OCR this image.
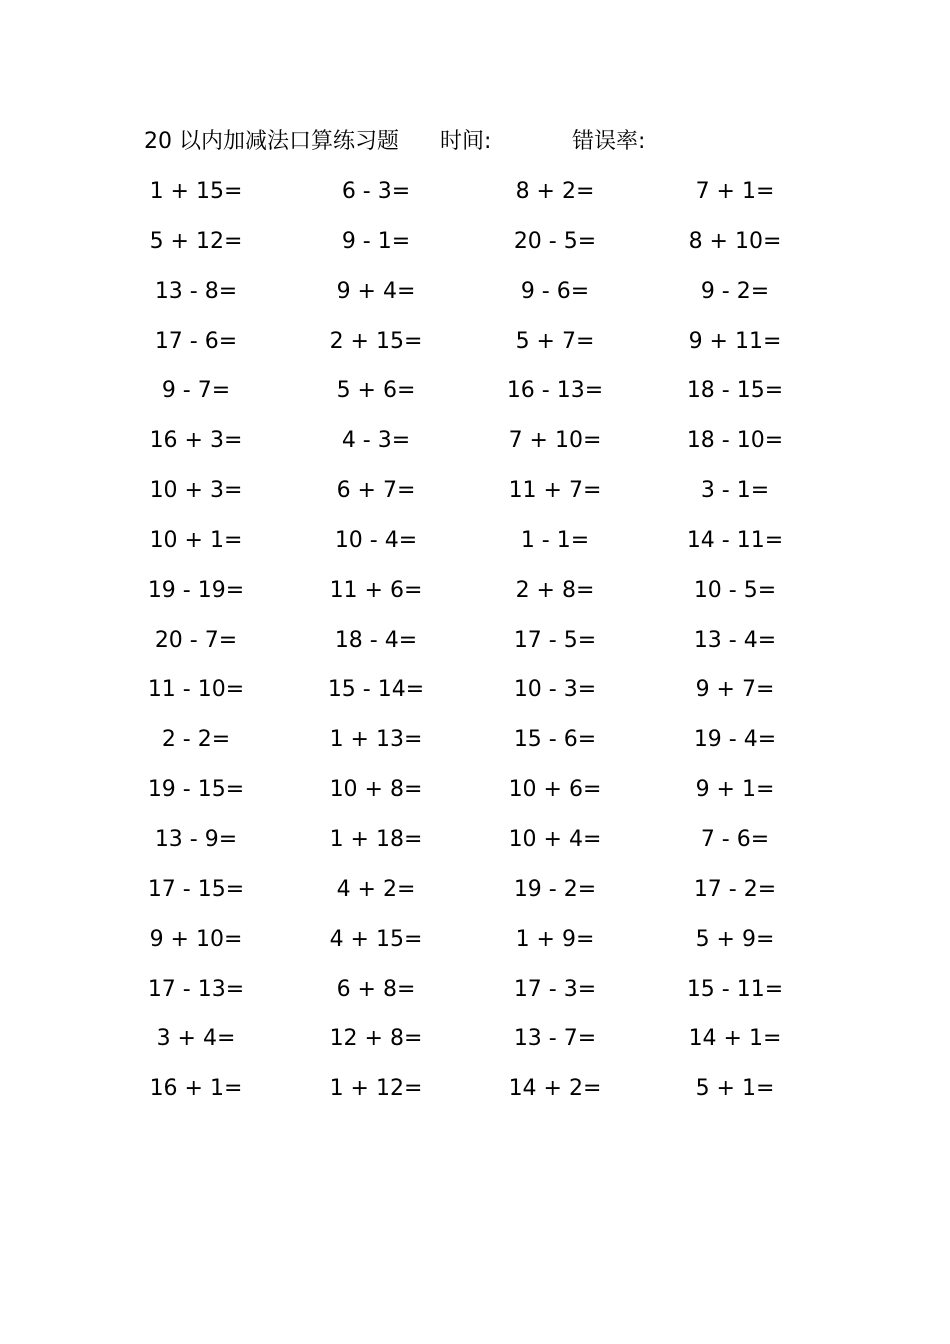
20 以内加减法口算练习题 时间:	错误率:
1 + 15=	6 - 3=	8 + 2=	7 + 1=
5 + 12=	9 - 1=	20 - 5=	8 + 10=
13 - 8=	9 + 4=	9 - 6=	9 - 2=
17 - 6=	2 + 15=	5 + 7=	9 + 11=
9 - 7=	5 + 6=	16 - 13=	18 - 15=
16 + 3=	4 - 3=	7 + 10=	18 - 10=
10 + 3=	6 + 7=	11 + 7=	3 - 1=
10 + 1=	10 - 4=	1 - 1=	14 - 11=
19 - 19=	11 + 6=	2 + 8=	10 - 5=
20 - 7=	18 - 4=	17 - 5=	13 - 4=
11 - 10=	15 - 14=	10 - 3=	9 + 7=
2 - 2=	1 + 13=	15 - 6=	19 - 4=
19 - 15=	10 + 8=	10 + 6=	9 + 1=
13 - 9=	1 + 18=	10 + 4=	7 - 6=
17 - 15=	4 + 2=	19 - 2=	17 - 2=
9 + 10=	4 + 15=	1 + 9=	5 + 9=
17 - 13=	6 + 8=	17 - 3=	15 - 11=
3 + 4=	12 + 8=	13 - 7=	14 + 1=
16 + 1=	1 + 12=	14 + 2=	5 + 1=
